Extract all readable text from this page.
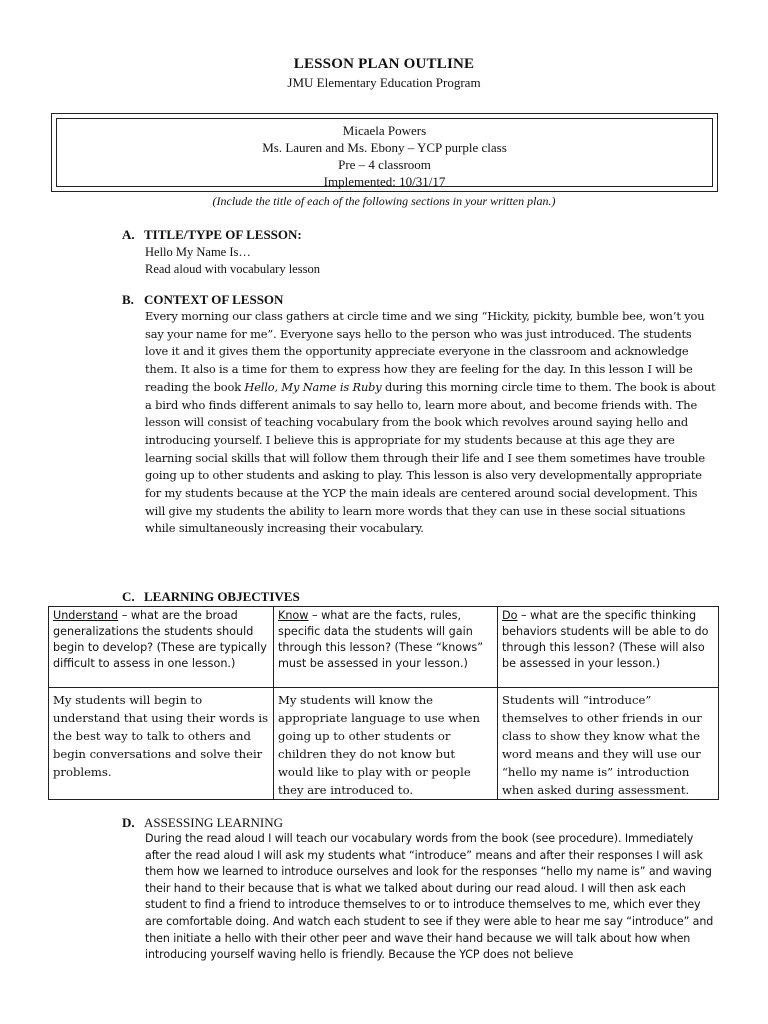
LESSON PLAN OUTLINE
JMU Elementary Education Program
Micaela Powers
Ms. Lauren and Ms. Ebony – YCP purple class
Pre – 4 classroom
Implemented: 10/31/17
(Include the title of each of the following sections in your written plan.)
A. TITLE/TYPE OF LESSON:
Hello My Name Is…
Read aloud with vocabulary lesson
B. CONTEXT OF LESSON

Every morning our class gathers at circle time and we sing “Hickity, pickity, bumble bee, won’t you say your name for me”. Everyone says hello to the person who was just introduced. The students love it and it gives them the opportunity appreciate everyone in the classroom and acknowledge them. It also is a time for them to express how they are feeling for the day. In this lesson I will be reading the book Hello, My Name is Ruby during this morning circle time to them. The book is about a bird who finds different animals to say hello to, learn more about, and become friends with. The lesson will consist of teaching vocabulary from the book which revolves around saying hello and introducing yourself. I believe this is appropriate for my students because at this age they are learning social skills that will follow them through their life and I see them sometimes have trouble going up to other students and asking to play. This lesson is also very developmentally appropriate for my students because at the YCP the main ideals are centered around social development. This will give my students the ability to learn more words that they can use in these social situations while simultaneously increasing their vocabulary.

C. LEARNING OBJECTIVES
Understand – what are the broad generalizations the students should begin to develop? (These are typically difficult to assess in one lesson.)	Know – what are the facts, rules, specific data the students will gain through this lesson? (These “knows” must be assessed in your lesson.)	Do – what are the specific thinking behaviors students will be able to do through this lesson? (These will also be assessed in your lesson.)
My students will begin to understand that using their words is the best way to talk to others and begin conversations and solve their problems.	My students will know the appropriate language to use when going up to other students or children they do not know but would like to play with or people they are introduced to.	Students will “introduce” themselves to other friends in our class to show they know what the word means and they will use our “hello my name is” introduction when asked during assessment.
D. ASSESSING LEARNING

During the read aloud I will teach our vocabulary words from the book (see procedure). Immediately after the read aloud I will ask my students what “introduce” means and after their responses I will ask them how we learned to introduce ourselves and look for the responses “hello my name is” and waving their hand to their because that is what we talked about during our read aloud. I will then ask each student to find a friend to introduce themselves to or to introduce themselves to me, which ever they are comfortable doing. And watch each student to see if they were able to hear me say “introduce” and then initiate a hello with their other peer and wave their hand because we will talk about how when introducing yourself waving hello is friendly. Because the YCP does not believe
